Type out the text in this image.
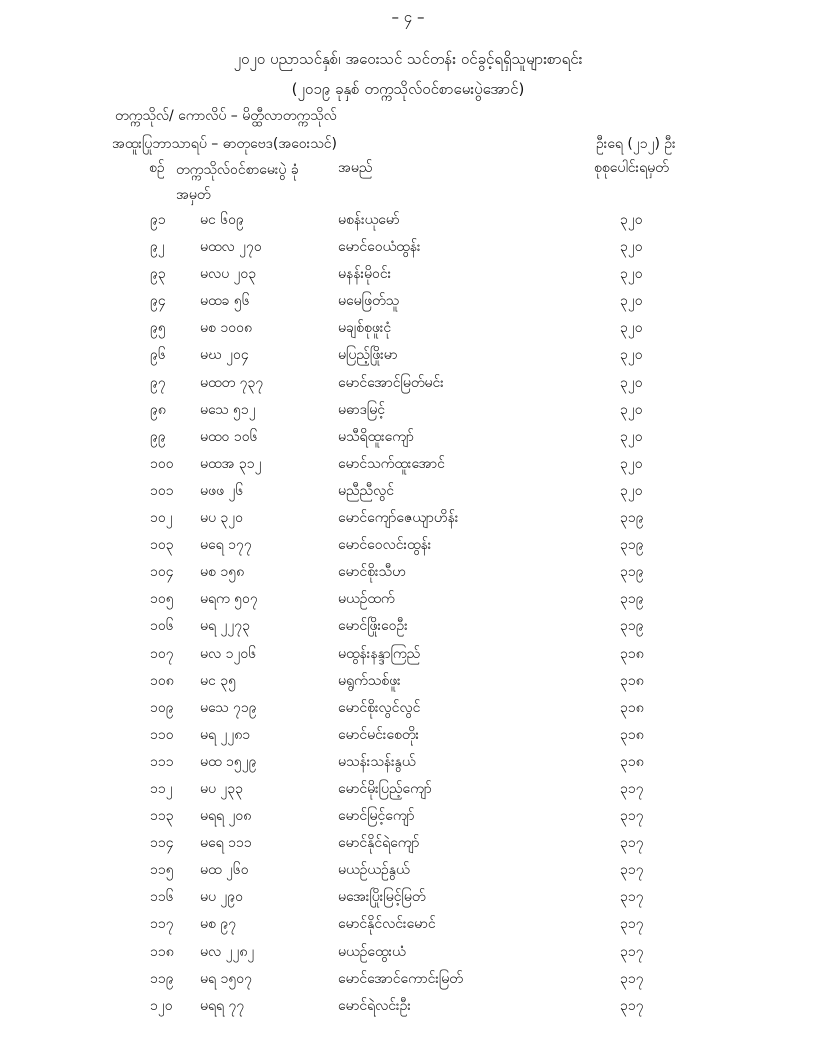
– ၄ –
၂၀၂၀ ပညာသင်နှစ်၊ အဝေးသင် သင်တန်း ဝင်ခွင့်ရရှိသူများစာရင်း
(၂၀၁၉ ခုနှစ် တက္ကသိုလ်ဝင်စာမေးပွဲအောင်)
တက္ကသိုလ်/ ကောလိပ် – မိတ္ထီလာတက္ကသိုလ်
အထူးပြုဘာသာရပ် – ဓာတုဗေဒ(အဝေးသင်)	ဦးရေ (၂၁၂) ဦး
စဉ် တက္ကသိုလ်ဝင်စာမေးပွဲ ခုံအမှတ်
အမည်	စုစုပေါင်းရမှတ်
၉၁ မင ၆၀၉	မစန်းယုမော်	၃၂၀
၉၂	မထလ ၂၇၀	မောင်ဝေယံထွန်း	၃၂၀
၉၃ မလပ ၂၀၃	မနန်းမိုဝင်း	၃၂၀
၉၄ မထခ ၅၆	မမေဖြတ်သူ	၃၂၀
၉၅ မစ ၁၀၀၈	မချစ်စုဖူးငုံ	၃၂၀
၉၆ မဃ ၂၀၄	မပြည့်ဖြိုးမာ	၃၂၀
၉၇ မထတ ၇၃၇	မောင်အောင်မြတ်မင်း	၃၂၀
၉၈ မသေ ၅၁၂	မဓာဒမြင့်	၃၂၀
၉၉ မထဝ ၁၀၆	မသီရိထူးကျော်	၃၂၀
၁၀၀ မထအ ၃၁၂	မောင်သက်ထူးအောင်	၃၂၀
၁၀၁ မဖဖ ၂၆	မညီညီလွင်	၃၂၀
၁၀၂ မပ ၃၂၀	မောင်ကျော်ဇေယျာဟိန်း	၃၁၉
၁၀၃ မရေ ၁၇၇	မောင်ဝေလင်းထွန်း	၃၁၉
၁၀၄ မစ ၁၅၈	မောင်စိုးသီဟ	၃၁၉
၁၀၅ မရက ၅၀၇	မယဉ်ထက်	၃၁၉
၁၀၆ မရ ၂၂၇၃	မောင်ဖြိုးဝေဦး	၃၁၉
၁၀၇ မလ ၁၂၀၆	မထွန်းနန္ဒာကြည်	၃၁၈
၁၀၈ မင ၃၅	မရွက်သစ်ဖူး	၃၁၈
၁၀၉ မသေ ၇၁၉	မောင်စိုးလွင်လွင်	၃၁၈
၁၁၀ မရ ၂၂၈၁	မောင်မင်းစေတိုး	၃၁၈
၁၁၁ မထ ၁၅၂၉	မသန်းသန်းနွယ်	၃၁၈
၁၁၂ မပ ၂၃၃	မောင်မိုးပြည့်ကျော်	၃၁၇
၁၁၃ မရရ ၂၀၈	မောင်မြင့်ကျော်	၃၁၇
၁၁၄ မရေ ၁၁၁	မောင်နိုင်ရဲကျော်	၃၁၇
၁၁၅ မထ ၂၆၀	မယဉ်ယဉ်နွယ်	၃၁၇
၁၁၆ မပ ၂၉၀	မအေးပြိုးမြင့်မြတ်	၃၁၇
၁၁၇ မစ ၉၇	မောင်နိုင်လင်းမောင်	၃၁၇
၁၁၈ မလ ၂၂၈၂	မယဉ်ထွေးယံ	၃၁၇
၁၁၉ မရ ၁၅၀၇	မောင်အောင်ကောင်းမြတ်	၃၁၇
၁၂၀ မရရ ၇၇	မောင်ရဲလင်းဦး	၃၁၇
